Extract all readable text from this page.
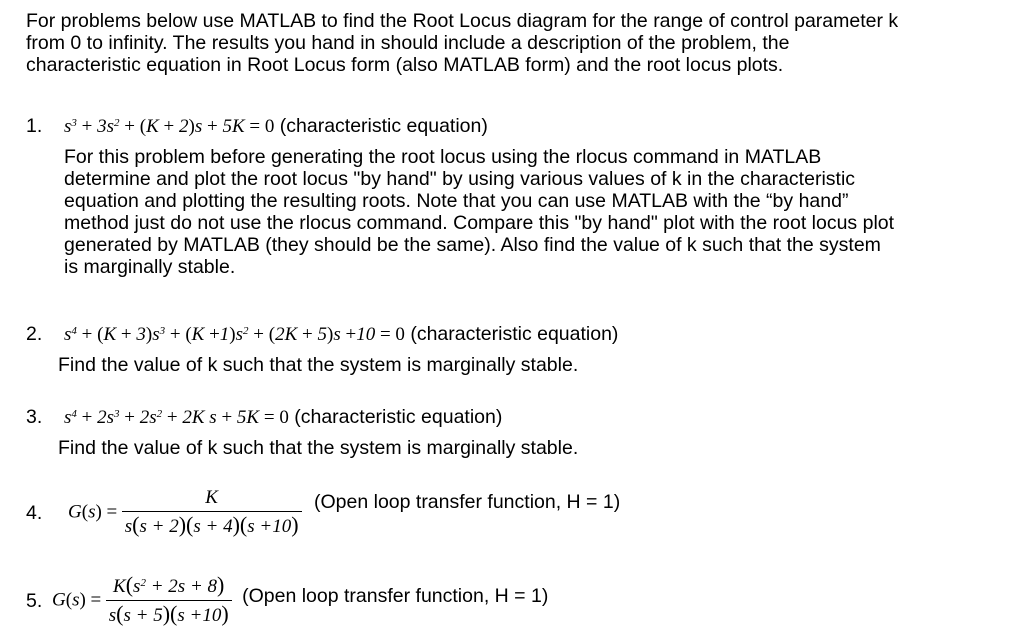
For problems below use MATLAB to find the Root Locus diagram for the range of control parameter k
from 0 to infinity. The results you hand in should include a description of the problem, the
characteristic equation in Root Locus form (also MATLAB form) and the root locus plots.
1. $s^3 + 3s^2 + (K + 2)s + 5K = 0$ (characteristic equation)
For this problem before generating the root locus using the rlocus command in MATLAB
determine and plot the root locus "by hand" by using various values of k in the characteristic
equation and plotting the resulting roots. Note that you can use MATLAB with the “by hand”
method just do not use the rlocus command. Compare this "by hand" plot with the root locus plot
generated by MATLAB (they should be the same). Also find the value of k such that the system
is marginally stable.
2. $s^4 + (K + 3)s^3 + (K +1)s^2 + (2K + 5)s +10 = 0$ (characteristic equation)
Find the value of k such that the system is marginally stable.
3. $s^4 + 2s^3 + 2s^2 + 2K$ s + 5K = 0 (characteristic equation)
Find the value of k such that the system is marginally stable.
4. $G(s) = \frac{K}{s(s + 2)(s + 4)(s +10)}$ (Open loop transfer function, H = 1)
5. $G(s) = \frac{K(s^2 + 2s + 8)}{s(s + 5)(s +10)}$ (Open loop transfer function, H = 1)
